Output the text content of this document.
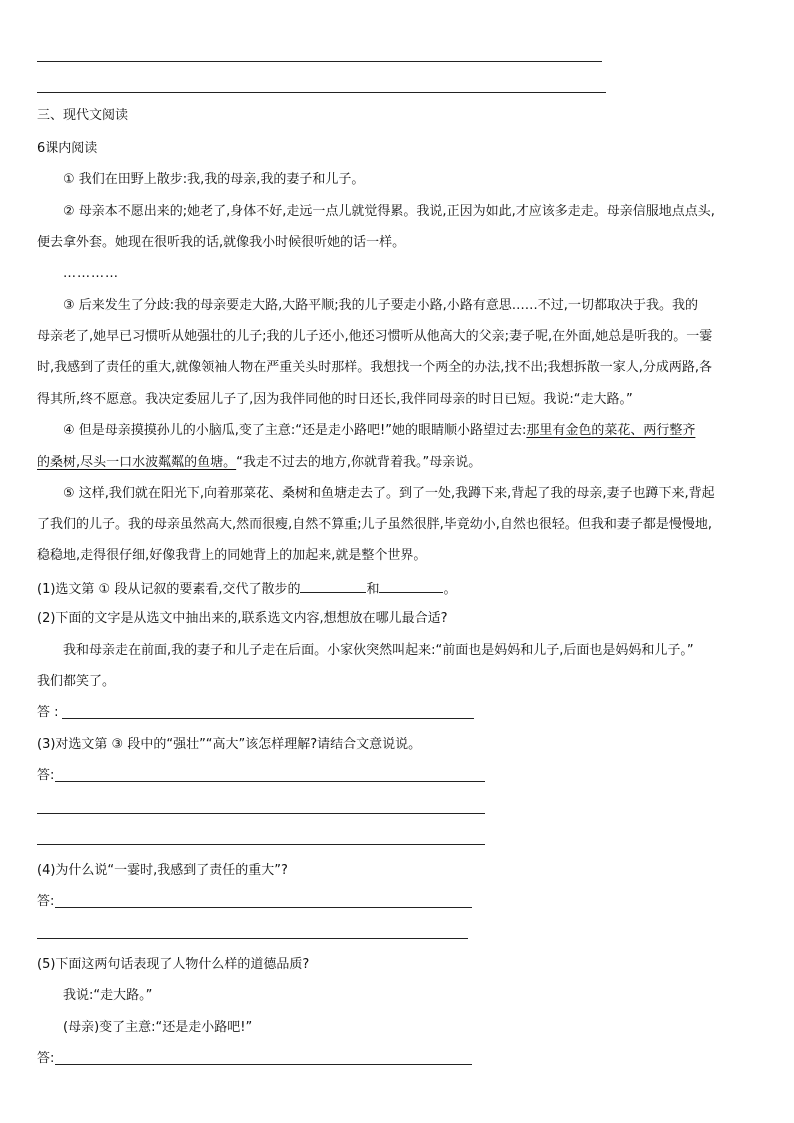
三、现代文阅读
6课内阅读
① 我们在田野上散步:我,我的母亲,我的妻子和儿子。
② 母亲本不愿出来的;她老了,身体不好,走远一点儿就觉得累。我说,正因为如此,才应该多走走。母亲信服地点点头,
便去拿外套。她现在很听我的话,就像我小时候很听她的话一样。
…………
③ 后来发生了分歧:我的母亲要走大路,大路平顺;我的儿子要走小路,小路有意思……不过,一切都取决于我。我的
母亲老了,她早已习惯听从她强壮的儿子;我的儿子还小,他还习惯听从他高大的父亲;妻子呢,在外面,她总是听我的。一霎
时,我感到了责任的重大,就像领袖人物在严重关头时那样。我想找一个两全的办法,找不出;我想拆散一家人,分成两路,各
得其所,终不愿意。我决定委屈儿子了,因为我伴同他的时日还长,我伴同母亲的时日已短。我说:“走大路。”
④ 但是母亲摸摸孙儿的小脑瓜,变了主意:“还是走小路吧!”她的眼睛顺小路望过去:那里有金色的菜花、两行整齐
的桑树,尽头一口水波粼粼的鱼塘。“我走不过去的地方,你就背着我。”母亲说。
⑤ 这样,我们就在阳光下,向着那菜花、桑树和鱼塘走去了。到了一处,我蹲下来,背起了我的母亲,妻子也蹲下来,背起
了我们的儿子。我的母亲虽然高大,然而很瘦,自然不算重;儿子虽然很胖,毕竟幼小,自然也很轻。但我和妻子都是慢慢地,
稳稳地,走得很仔细,好像我背上的同她背上的加起来,就是整个世界。
(1)选文第 ① 段从记叙的要素看,交代了散步的	和	。
(2)下面的文字是从选文中抽出来的,联系选文内容,想想放在哪儿最合适?
我和母亲走在前面,我的妻子和儿子走在后面。小家伙突然叫起来:“前面也是妈妈和儿子,后面也是妈妈和儿子。”
我们都笑了。
答 :
(3)对选文第 ③ 段中的“强壮”“高大”该怎样理解?请结合文意说说。
答:
(4)为什么说“一霎时,我感到了责任的重大”?
答:
(5)下面这两句话表现了人物什么样的道德品质?
我说:“走大路。”
(母亲)变了主意:“还是走小路吧!”
答:
